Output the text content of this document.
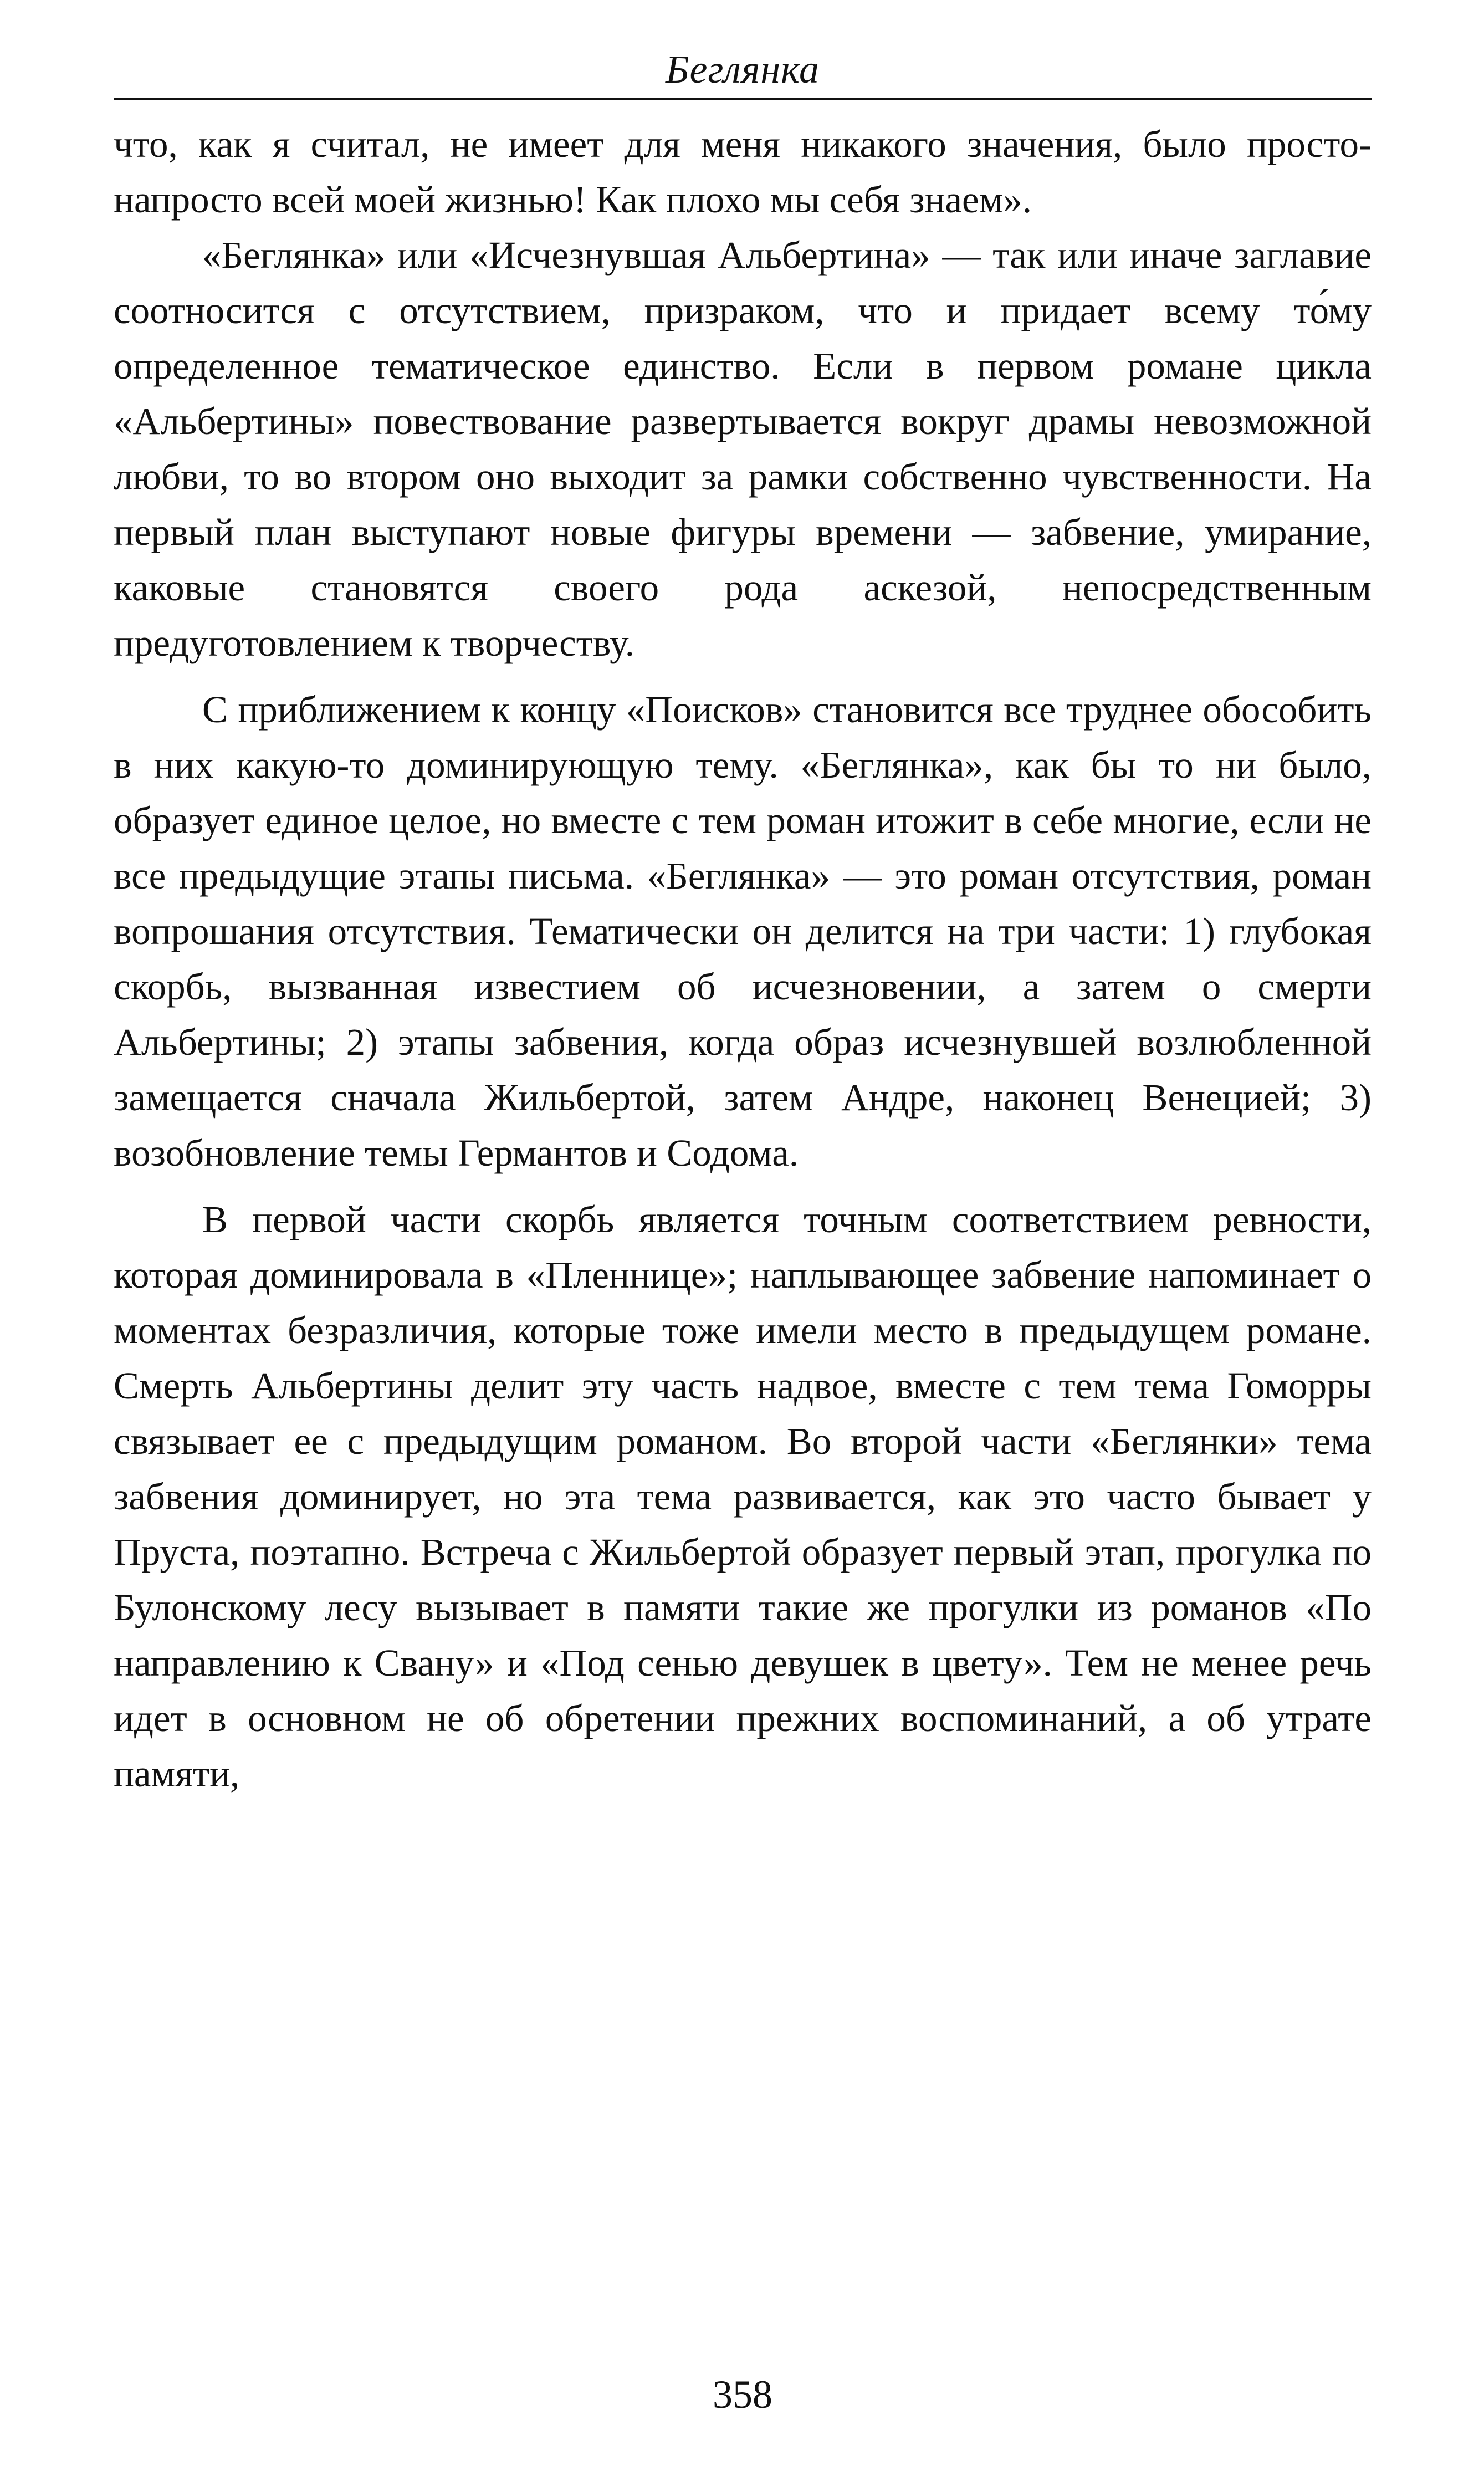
Беглянка

что, как я считал, не имеет для меня никакого значения, было просто-напросто всей моей жизнью! Как плохо мы себя знаем».

«Беглянка» или «Исчезнувшая Альбертина» — так или иначе заглавие соотносится с отсутствием, призраком, что и придает всему то́му определенное тематическое единство. Если в первом романе цикла «Альбертины» повествование развертывается вокруг драмы невозможной любви, то во втором оно выходит за рамки собственно чувственности. На первый план выступают новые фигуры времени — забвение, умирание, каковые становятся своего рода аскезой, непосредственным предуготовлением к творчеству.

С приближением к концу «Поисков» становится все труднее обособить в них какую-то доминирующую тему. «Беглянка», как бы то ни было, образует единое целое, но вместе с тем роман итожит в себе многие, если не все предыдущие этапы письма. «Беглянка» — это роман отсутствия, роман вопрошания отсутствия. Тематически он делится на три части: 1) глубокая скорбь, вызванная известием об исчезновении, а затем о смерти Альбертины; 2) этапы забвения, когда образ исчезнувшей возлюбленной замещается сначала Жильбертой, затем Андре, наконец Венецией; 3) возобновление темы Германтов и Содома.

В первой части скорбь является точным соответствием ревности, которая доминировала в «Пленнице»; наплывающее забвение напоминает о моментах безразличия, которые тоже имели место в предыдущем романе. Смерть Альбертины делит эту часть надвое, вместе с тем тема Гоморры связывает ее с предыдущим романом. Во второй части «Беглянки» тема забвения доминирует, но эта тема развивается, как это часто бывает у Пруста, поэтапно. Встреча с Жильбертой образует первый этап, прогулка по Булонскому лесу вызывает в памяти такие же прогулки из романов «По направлению к Свану» и «Под сенью девушек в цвету». Тем не менее речь идет в основном не об обретении прежних воспоминаний, а об утрате памяти,

358
